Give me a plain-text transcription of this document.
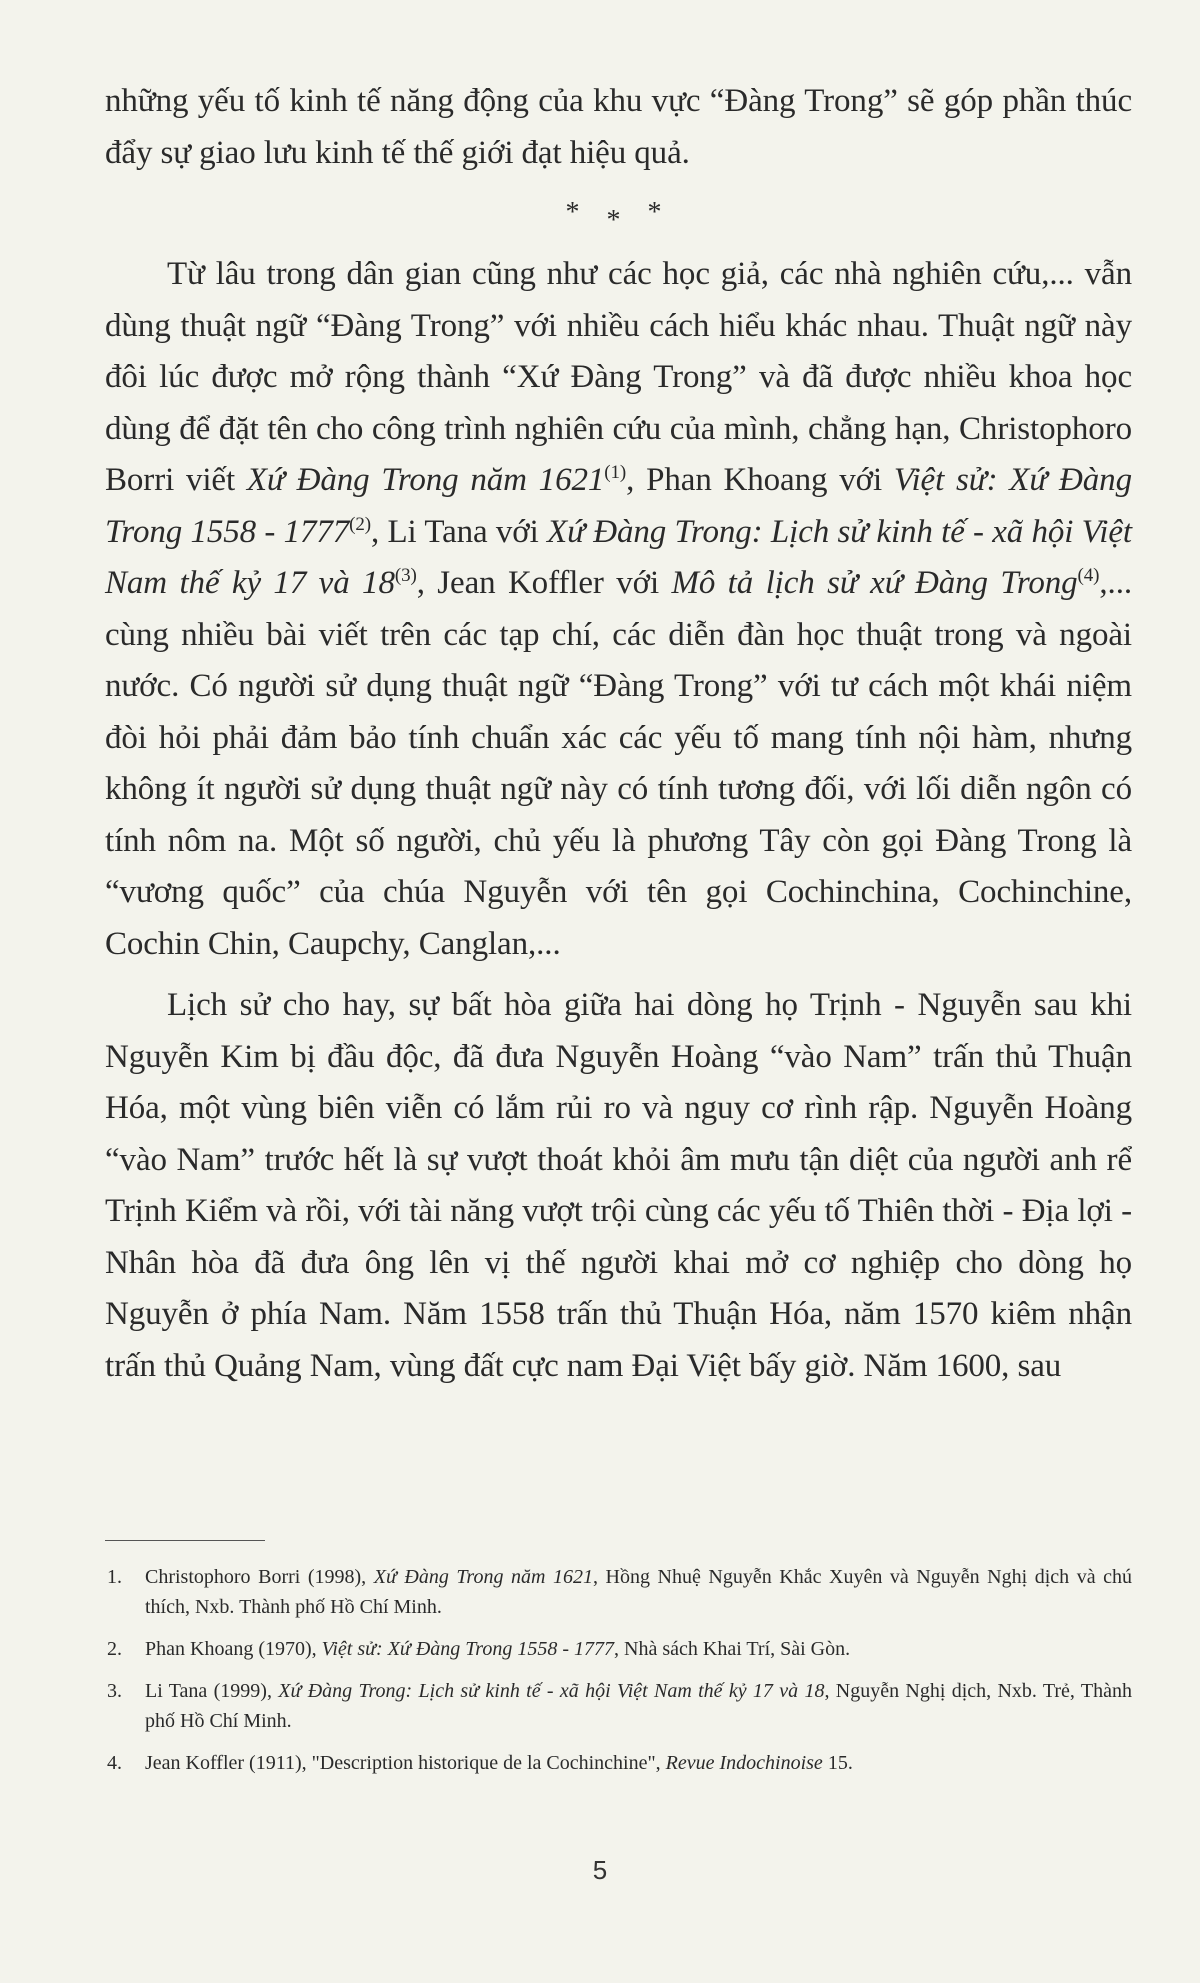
những yếu tố kinh tế năng động của khu vực “Đàng Trong” sẽ góp phần thúc đẩy sự giao lưu kinh tế thế giới đạt hiệu quả.

* * *

Từ lâu trong dân gian cũng như các học giả, các nhà nghiên cứu,... vẫn dùng thuật ngữ “Đàng Trong” với nhiều cách hiểu khác nhau. Thuật ngữ này đôi lúc được mở rộng thành “Xứ Đàng Trong” và đã được nhiều khoa học dùng để đặt tên cho công trình nghiên cứu của mình, chẳng hạn, Christophoro Borri viết Xứ Đàng Trong năm 1621$^{(1)}$, Phan Khoang với Việt sử: Xứ Đàng Trong 1558 - 1777$^{(2)}$, Li Tana với Xứ Đàng Trong: Lịch sử kinh tế - xã hội Việt Nam thế kỷ 17 và 18$^{(3)}$, Jean Koffler với Mô tả lịch sử xứ Đàng Trong$^{(4)}$,... cùng nhiều bài viết trên các tạp chí, các diễn đàn học thuật trong và ngoài nước. Có người sử dụng thuật ngữ “Đàng Trong” với tư cách một khái niệm đòi hỏi phải đảm bảo tính chuẩn xác các yếu tố mang tính nội hàm, nhưng không ít người sử dụng thuật ngữ này có tính tương đối, với lối diễn ngôn có tính nôm na. Một số người, chủ yếu là phương Tây còn gọi Đàng Trong là “vương quốc” của chúa Nguyễn với tên gọi Cochinchina, Cochinchine, Cochin Chin, Caupchy, Canglan,...

Lịch sử cho hay, sự bất hòa giữa hai dòng họ Trịnh - Nguyễn sau khi Nguyễn Kim bị đầu độc, đã đưa Nguyễn Hoàng “vào Nam” trấn thủ Thuận Hóa, một vùng biên viễn có lắm rủi ro và nguy cơ rình rập. Nguyễn Hoàng “vào Nam” trước hết là sự vượt thoát khỏi âm mưu tận diệt của người anh rể Trịnh Kiểm và rồi, với tài năng vượt trội cùng các yếu tố Thiên thời - Địa lợi - Nhân hòa đã đưa ông lên vị thế người khai mở cơ nghiệp cho dòng họ Nguyễn ở phía Nam. Năm 1558 trấn thủ Thuận Hóa, năm 1570 kiêm nhận trấn thủ Quảng Nam, vùng đất cực nam Đại Việt bấy giờ. Năm 1600, sau

1. Christophoro Borri (1998), Xứ Đàng Trong năm 1621, Hồng Nhuệ Nguyễn Khắc Xuyên và Nguyễn Nghị dịch và chú thích, Nxb. Thành phố Hồ Chí Minh.
2. Phan Khoang (1970), Việt sử: Xứ Đàng Trong 1558 - 1777, Nhà sách Khai Trí, Sài Gòn.
3. Li Tana (1999), Xứ Đàng Trong: Lịch sử kinh tế - xã hội Việt Nam thế kỷ 17 và 18, Nguyễn Nghị dịch, Nxb. Trẻ, Thành phố Hồ Chí Minh.
4. Jean Koffler (1911), "Description historique de la Cochinchine", Revue Indochinoise 15.
5
